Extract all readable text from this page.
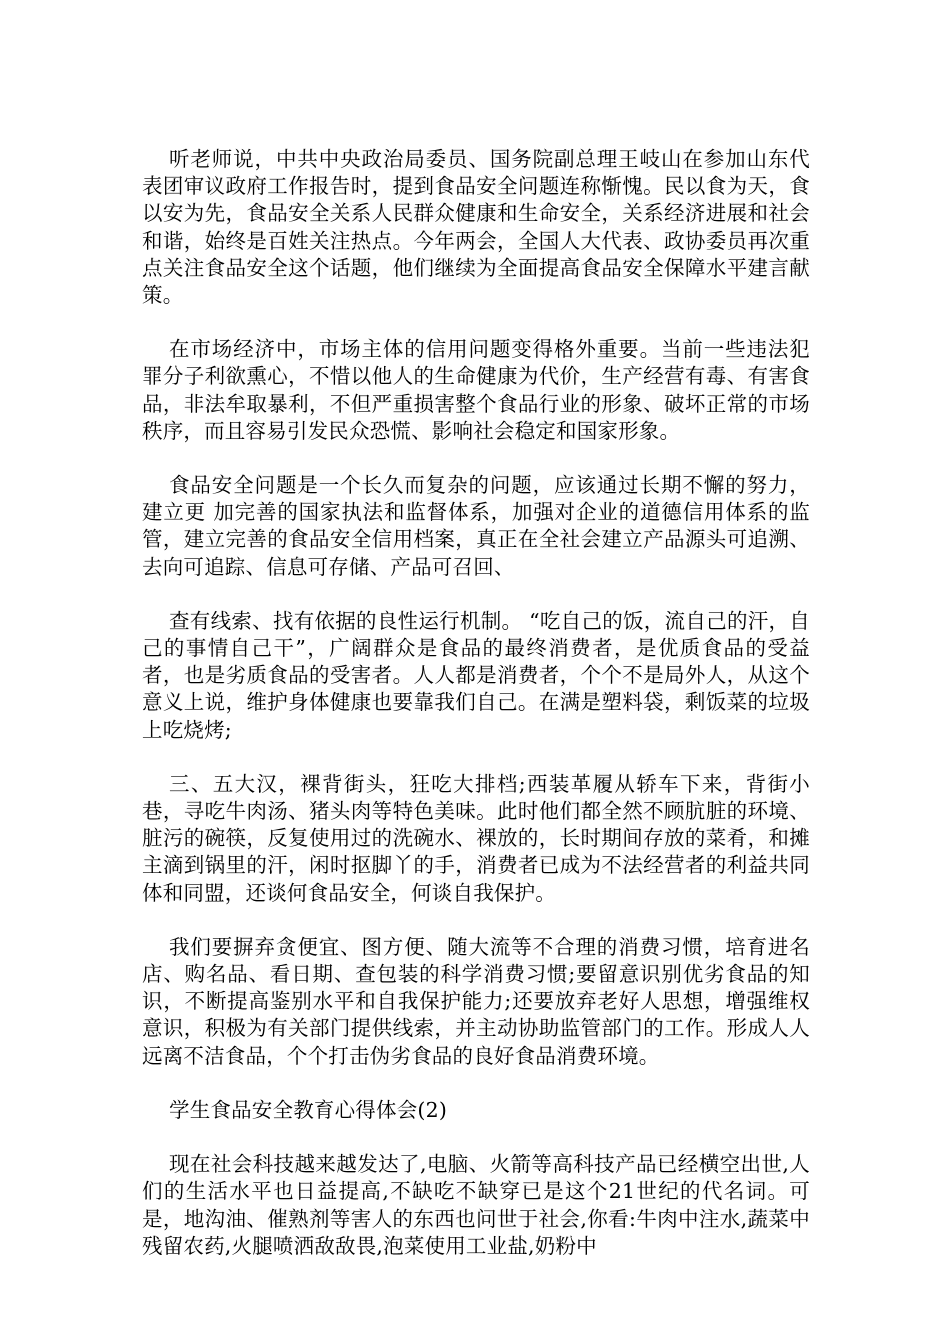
听老师说，中共中央政治局委员、国务院副总理王岐山在参加山东代表团审议政府工作报告时，提到食品安全问题连称惭愧。民以食为天，食以安为先，食品安全关系人民群众健康和生命安全，关系经济进展和社会和谐，始终是百姓关注热点。今年两会，全国人大代表、政协委员再次重点关注食品安全这个话题，他们继续为全面提高食品安全保障水平建言献策。

在市场经济中，市场主体的信用问题变得格外重要。当前一些违法犯罪分子利欲熏心，不惜以他人的生命健康为代价，生产经营有毒、有害食品，非法牟取暴利，不但严重损害整个食品行业的形象、破坏正常的市场秩序，而且容易引发民众恐慌、影响社会稳定和国家形象。

食品安全问题是一个长久而复杂的问题，应该通过长期不懈的努力，建立更 加完善的国家执法和监督体系，加强对企业的道德信用体系的监管，建立完善的食品安全信用档案，真正在全社会建立产品源头可追溯、去向可追踪、信息可存储、产品可召回、

查有线索、找有依据的良性运行机制。 “吃自己的饭，流自己的汗，自己的事情自己干”，广阔群众是食品的最终消费者，是优质食品的受益者，也是劣质食品的受害者。人人都是消费者，个个不是局外人，从这个意义上说，维护身体健康也要靠我们自己。在满是塑料袋，剩饭菜的垃圾上吃烧烤;

三、五大汉，裸背街头，狂吃大排档;西装革履从轿车下来，背街小巷，寻吃牛肉汤、猪头肉等特色美味。此时他们都全然不顾肮脏的环境、脏污的碗筷，反复使用过的洗碗水、裸放的，长时期间存放的菜肴，和摊主滴到锅里的汗，闲时抠脚丫的手，消费者已成为不法经营者的利益共同体和同盟，还谈何食品安全，何谈自我保护。

我们要摒弃贪便宜、图方便、随大流等不合理的消费习惯，培育进名店、购名品、看日期、查包装的科学消费习惯;要留意识别优劣食品的知识，不断提高鉴别水平和自我保护能力;还要放弃老好人思想，增强维权意识，积极为有关部门提供线索，并主动协助监管部门的工作。形成人人远离不洁食品，个个打击伪劣食品的良好食品消费环境。

学生食品安全教育心得体会(2)

现在社会科技越来越发达了,电脑、火箭等高科技产品已经横空出世,人们的生活水平也日益提高,不缺吃不缺穿已是这个21世纪的代名词。可是，地沟油、催熟剂等害人的东西也问世于社会,你看:牛肉中注水,蔬菜中残留农药,火腿喷洒敌敌畏,泡菜使用工业盐,奶粉中
